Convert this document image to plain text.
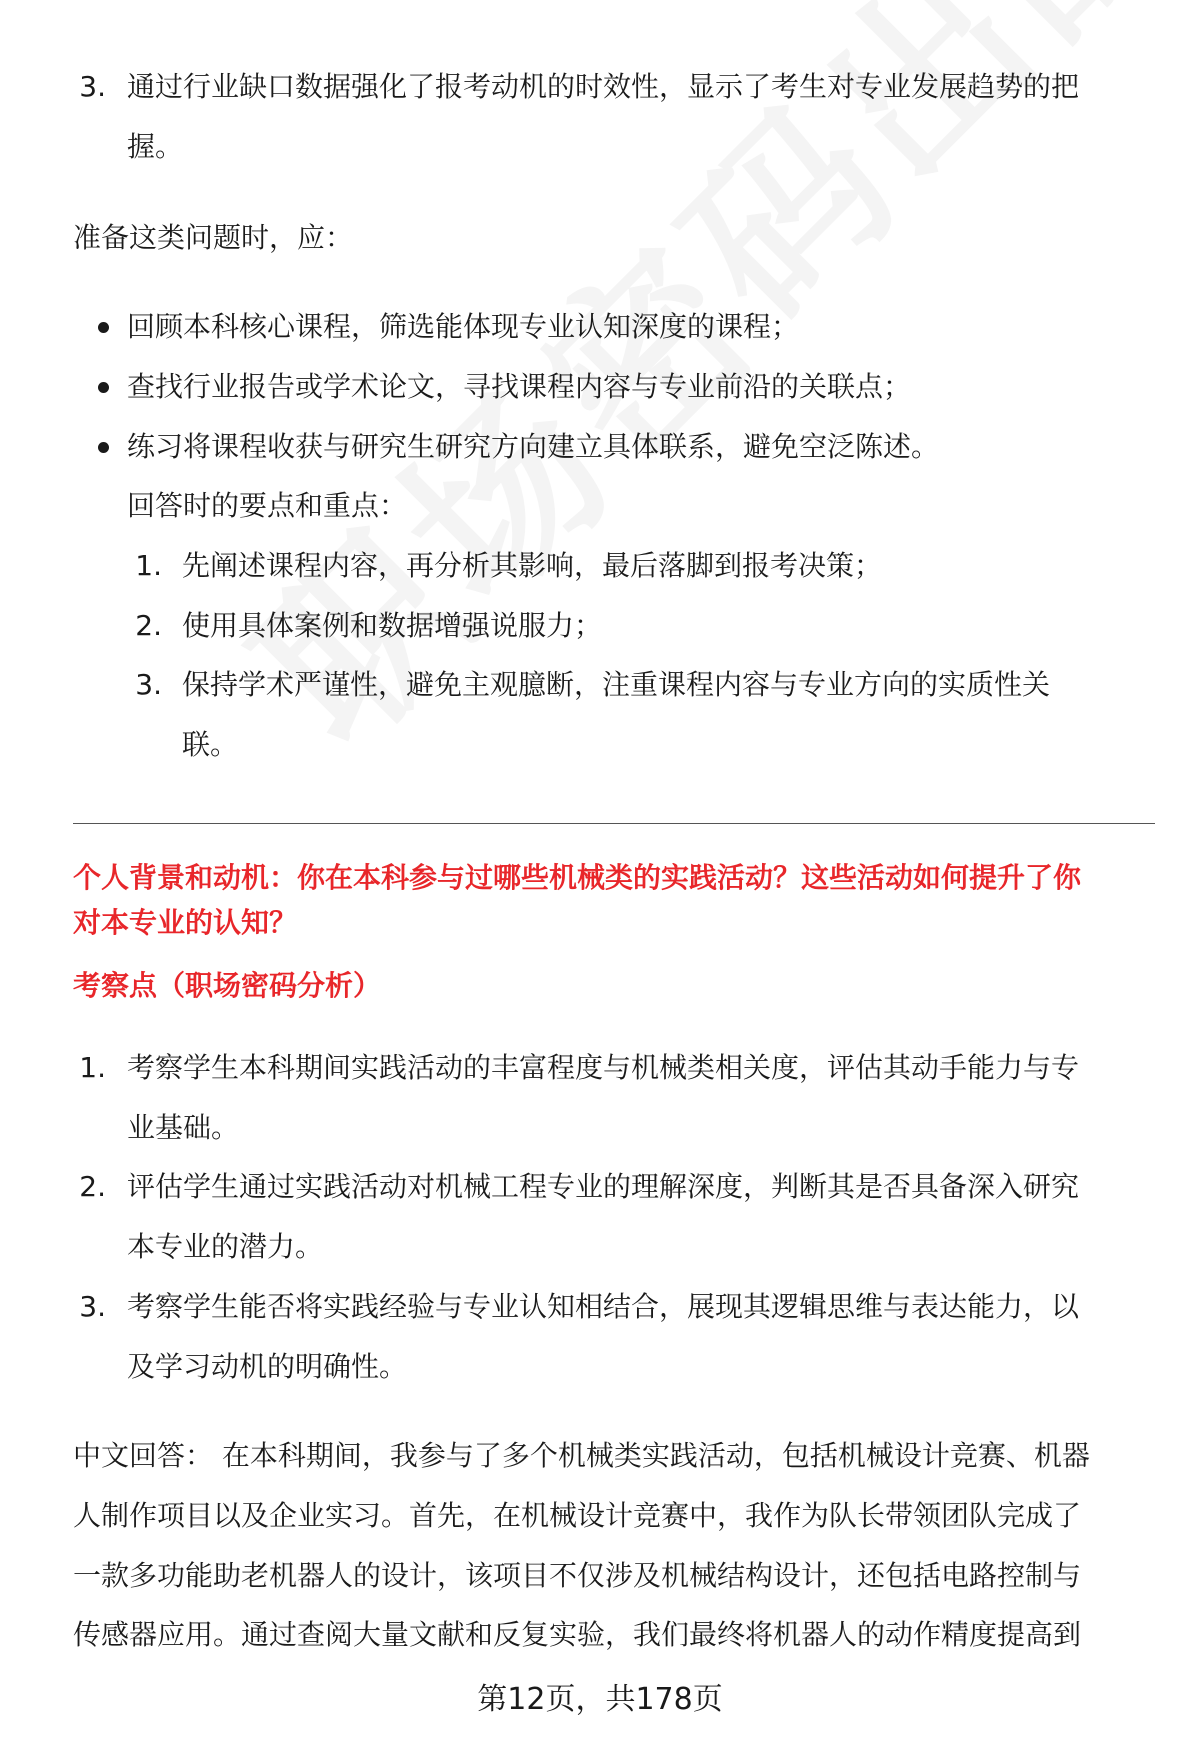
3. 通过行业缺口数据强化了报考动机的时效性，显示了考生对专业发展趋势的把
握。
准备这类问题时，应：
回顾本科核心课程，筛选能体现专业认知深度的课程；
查找行业报告或学术论文，寻找课程内容与专业前沿的关联点；
练习将课程收获与研究生研究方向建立具体联系，避免空泛陈述。
回答时的要点和重点：
1. 先阐述课程内容，再分析其影响，最后落脚到报考决策；
2. 使用具体案例和数据增强说服力；
3. 保持学术严谨性，避免主观臆断，注重课程内容与专业方向的实质性关
联。
个人背景和动机：你在本科参与过哪些机械类的实践活动？这些活动如何提升了你
对本专业的认知？
考察点（职场密码分析）
1. 考察学生本科期间实践活动的丰富程度与机械类相关度，评估其动手能力与专
业基础。
2. 评估学生通过实践活动对机械工程专业的理解深度，判断其是否具备深入研究
本专业的潜力。
3. 考察学生能否将实践经验与专业认知相结合，展现其逻辑思维与表达能力，以
及学习动机的明确性。
中文回答： 在本科期间，我参与了多个机械类实践活动，包括机械设计竞赛、机器
人制作项目以及企业实习。首先，在机械设计竞赛中，我作为队长带领团队完成了
一款多功能助老机器人的设计，该项目不仅涉及机械结构设计，还包括电路控制与
传感器应用。通过查阅大量文献和反复实验，我们最终将机器人的动作精度提高到
第12页，共178页
